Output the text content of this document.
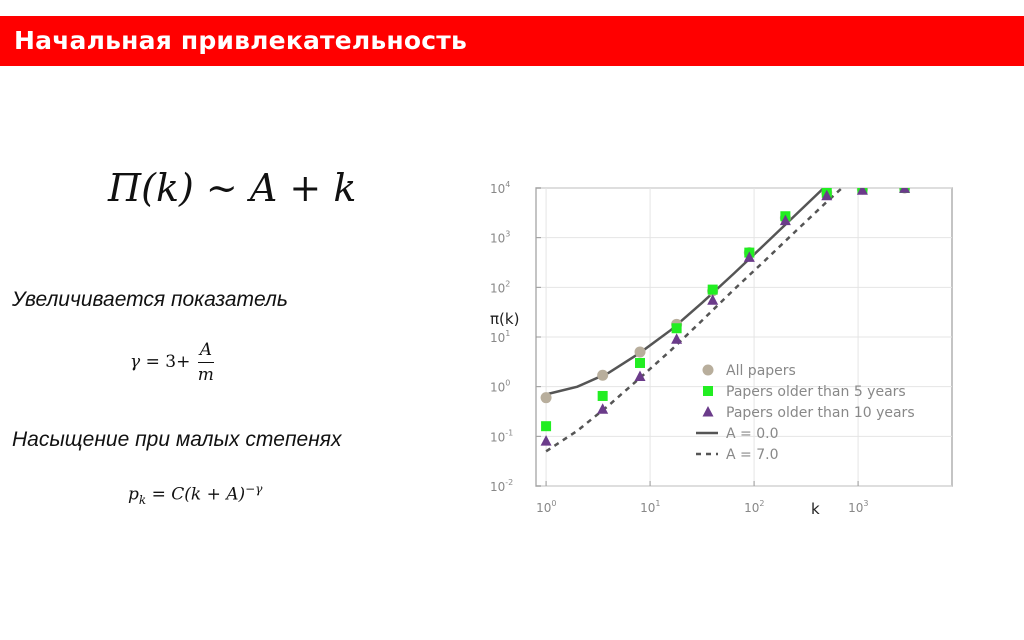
Начальная привлекательность
Π(k) ∼ A + k
Увеличивается показатель
$\gamma = 3+ \frac{A}{m}$
Насыщение при малых степенях
$p_k = C(k + A)^{-\gamma}$
$10^0$	$10^1$	$10^2$	$10^3$
$10^{-2}$
$10^{-1}$
$10^0$
$10^1$
$10^2$
$10^3$
$10^4$
k
π(k)
All papers
Papers older than 5 years
Papers older than 10 years
A = 0.0
A = 7.0
